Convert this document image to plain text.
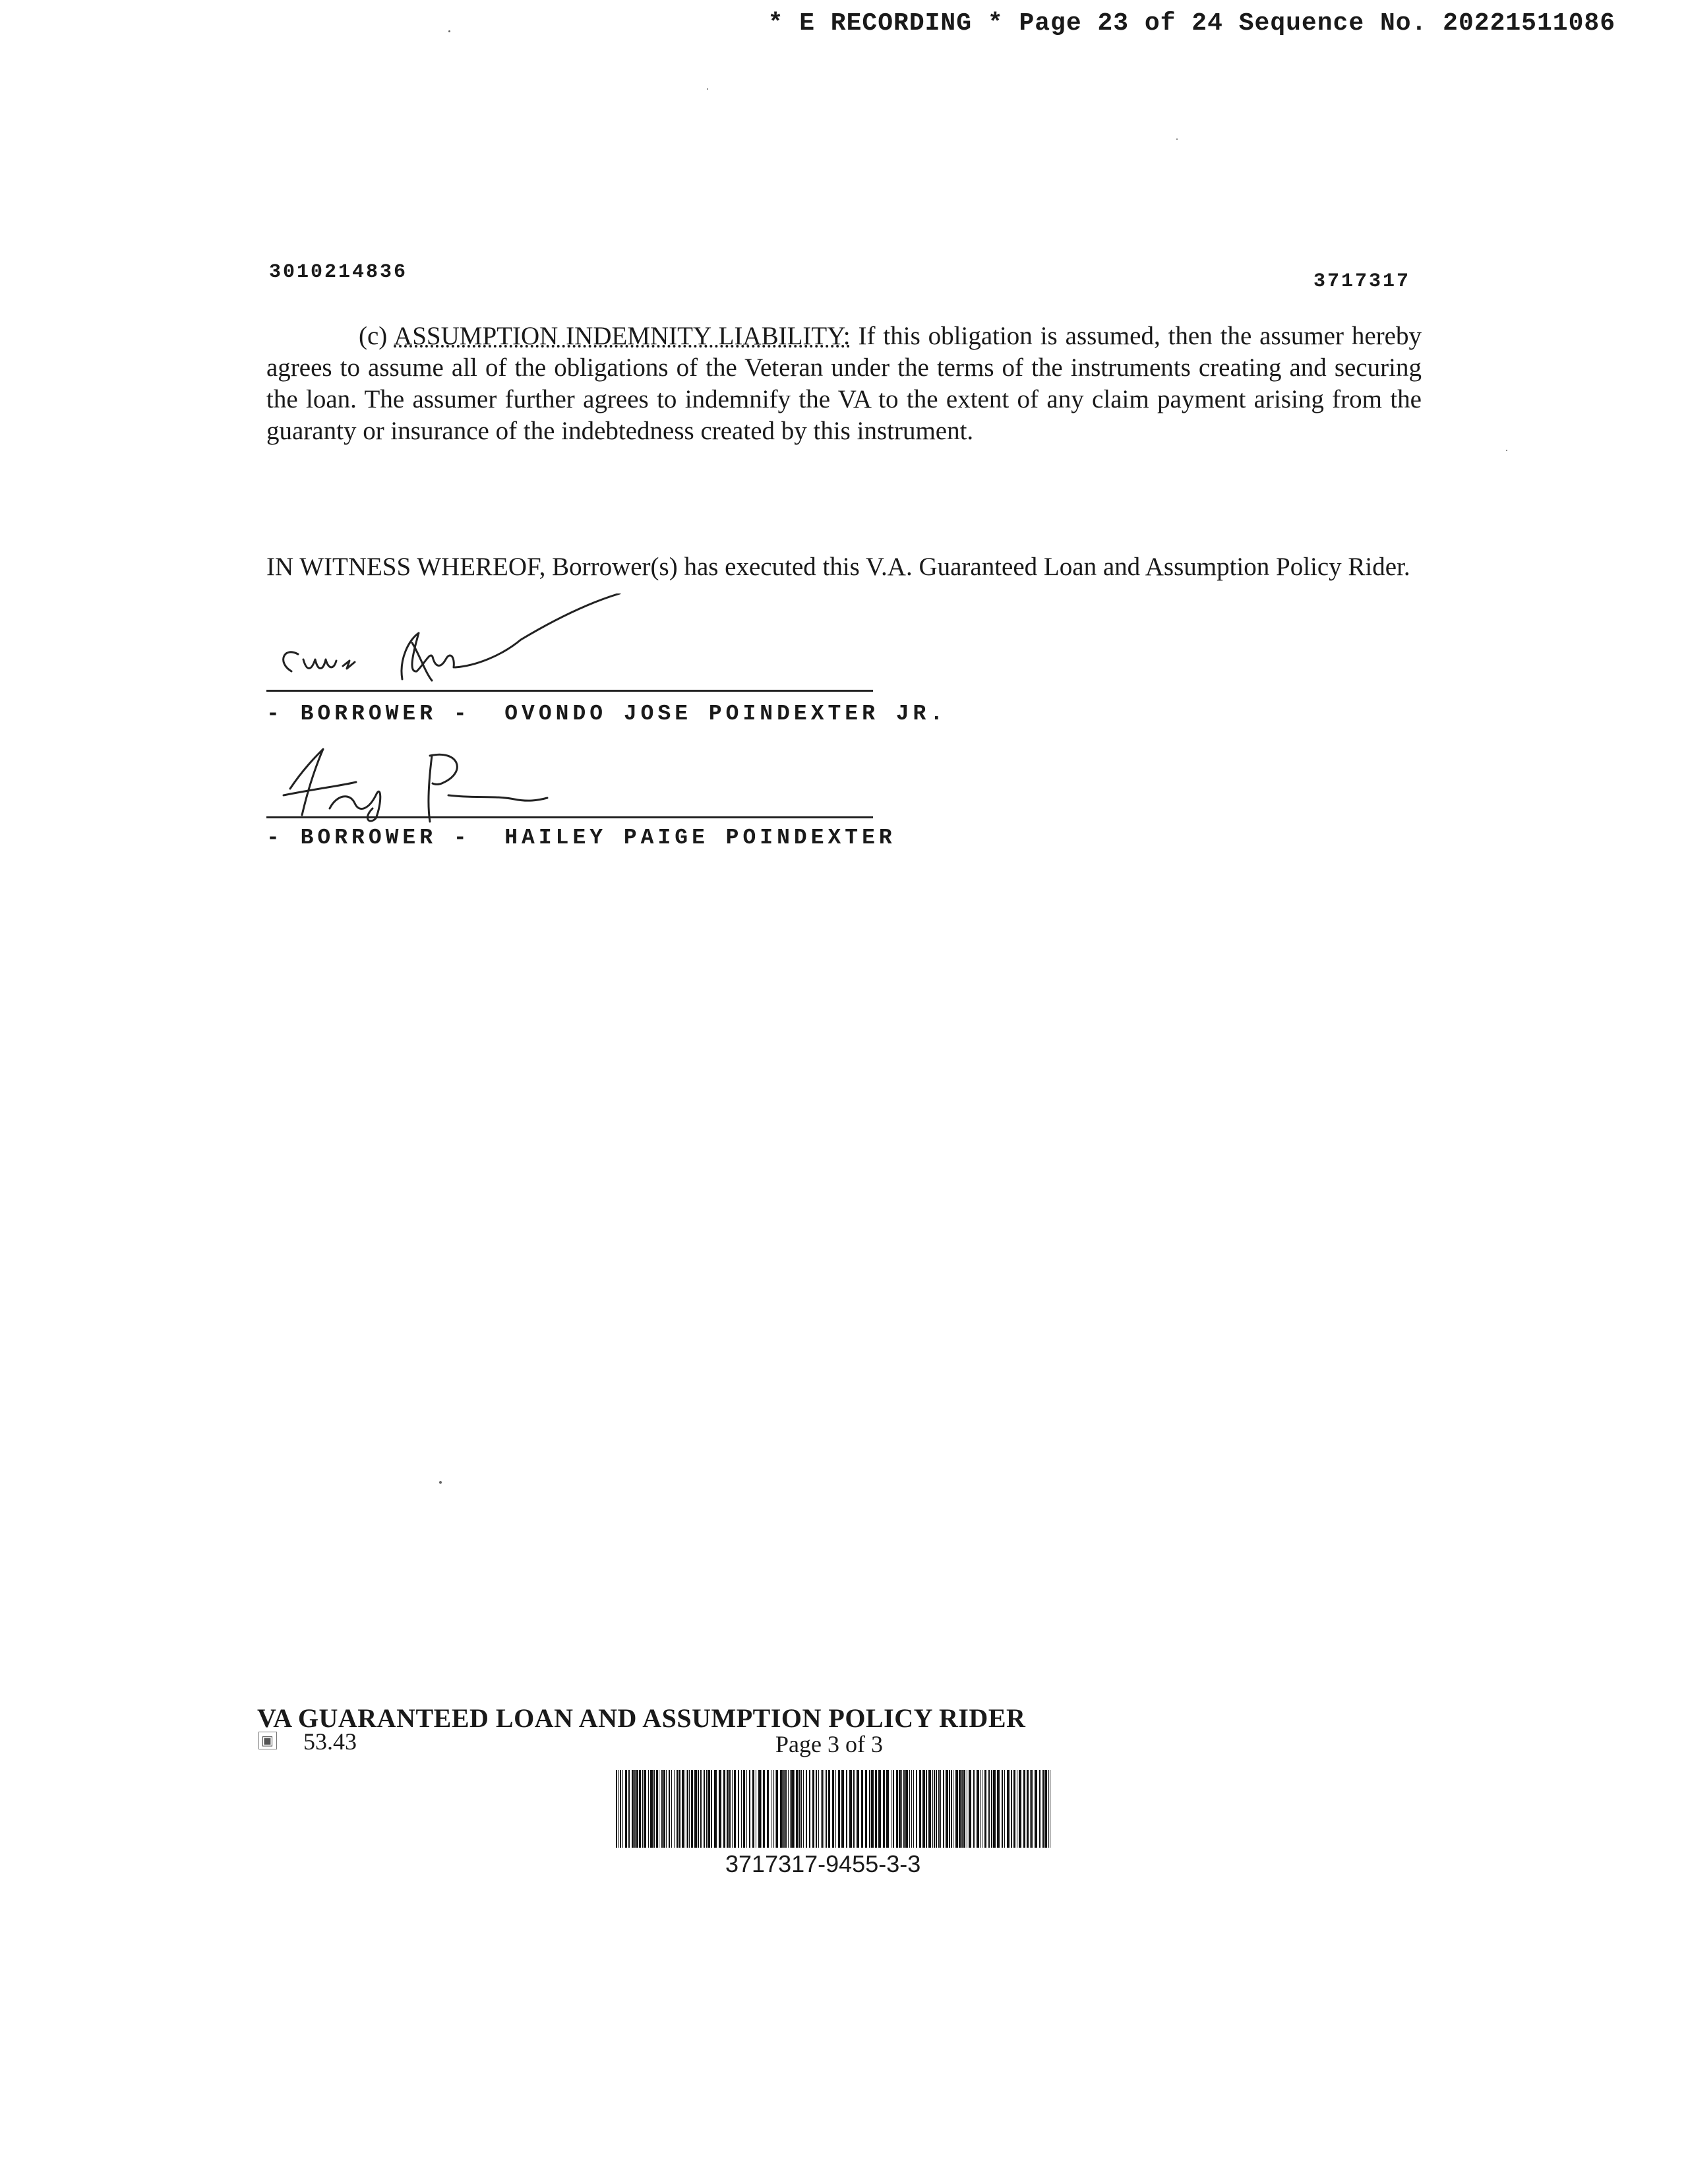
* E RECORDING * Page 23 of 24 Sequence No. 20221511086
3010214836	3717317
(c) ASSUMPTION INDEMNITY LIABILITY: If this obligation is assumed, then the assumer hereby agrees to assume all of the obligations of the Veteran under the terms of the instruments creating and securing the loan. The assumer further agrees to indemnify the VA to the extent of any claim payment arising from the guaranty or insurance of the indebtedness created by this instrument.
IN WITNESS WHEREOF, Borrower(s) has executed this V.A. Guaranteed Loan and Assumption Policy Rider.
- BORROWER -  OVONDO JOSE POINDEXTER JR.
- BORROWER -  HAILEY PAIGE POINDEXTER
VA GUARANTEED LOAN AND ASSUMPTION POLICY RIDER
▣ 53.43	Page 3 of 3
3717317-9455-3-3
